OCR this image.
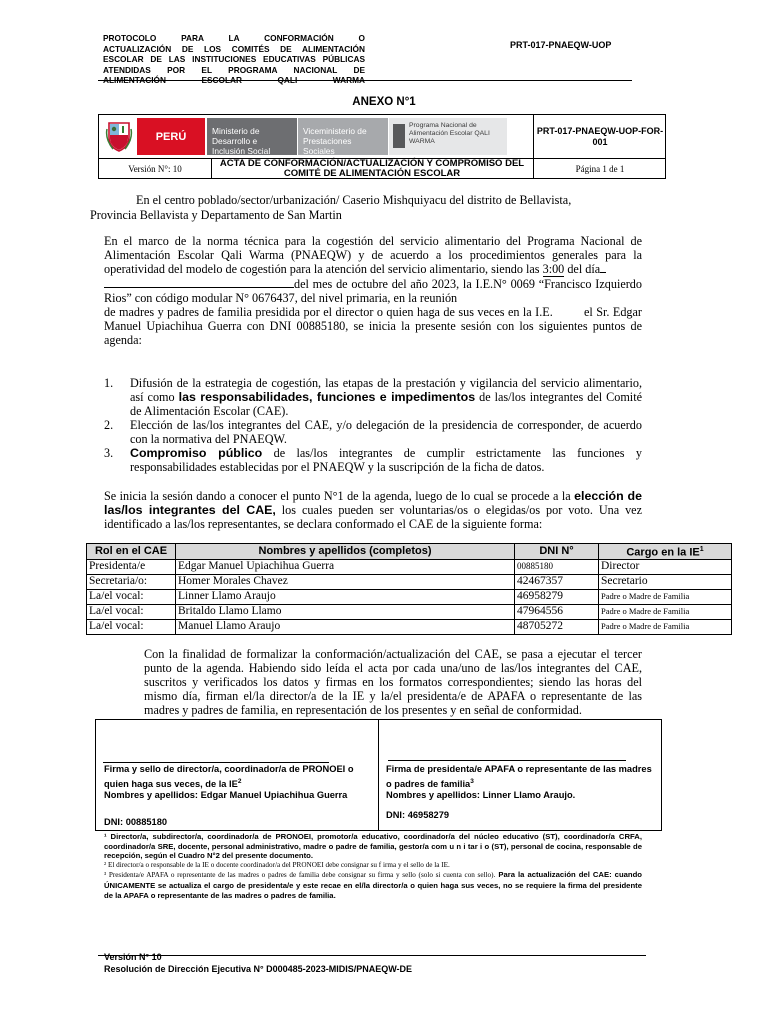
PROTOCOLO PARA LA CONFORMACIÓN O
ACTUALIZACIÓN DE LOS COMITÉS DE ALIMENTACIÓN
ESCOLAR DE LAS INSTITUCIONES EDUCATIVAS PÚBLICAS
ATENDIDAS POR EL PROGRAMA NACIONAL DE
ALIMENTACIÓN ESCOLAR QALI WARMA
PRT-017-PNAEQW-UOP
ANEXO N°1
PERÚ	Ministerio de Desarrollo e Inclusión Social
Viceministerio de Prestaciones Sociales
Programa Nacional de Alimentación Escolar QALI WARMA
PRT-017-PNAEQW-UOP-FOR-001
Versión N°: 10	ACTA DE CONFORMACIÓN/ACTUALIZACIÓN Y COMPROMISO DEL COMITÉ DE ALIMENTACIÓN ESCOLAR	Página 1 de 1
En el centro poblado/sector/urbanización/ Caserio Mishquiyacu del distrito de Bellavista,
Provincia Bellavista y Departamento de San Martin
En el marco de la norma técnica para la cogestión del servicio alimentario del Programa Nacional de Alimentación Escolar Qali Warma (PNAEQW) y de acuerdo a los procedimientos generales para la operatividad del modelo de cogestión para la atención del servicio alimentario, siendo las 3:00 del día
del mes de octubre del año 2023, la I.E.N° 0069 “Francisco Izquierdo Rios” con código modular N° 0676437, del nivel primaria, en la reunión
de madres y padres de familia presidida por el director o quien haga de sus veces en la I.E.	el Sr. Edgar Manuel Upiachihua Guerra con DNI 00885180, se inicia la presente sesión con los siguientes puntos de agenda:
1. Difusión de la estrategia de cogestión, las etapas de la prestación y vigilancia del servicio alimentario, así como las responsabilidades, funciones e impedimentos de las/los integrantes del Comité de Alimentación Escolar (CAE).
2. Elección de las/los integrantes del CAE, y/o delegación de la presidencia de corresponder, de acuerdo con la normativa del PNAEQW.
3. Compromiso público de las/los integrantes de cumplir estrictamente las funciones y responsabilidades establecidas por el PNAEQW y la suscripción de la ficha de datos.
Se inicia la sesión dando a conocer el punto N°1 de la agenda, luego de lo cual se procede a la elección de las/los integrantes del CAE, los cuales pueden ser voluntarias/os o elegidas/os por voto. Una vez identificado a las/los representantes, se declara conformado el CAE de la siguiente forma:
Rol en el CAE	Nombres y apellidos (completos)	DNI N°	Cargo en la $IE^1$
Presidenta/e	Edgar Manuel Upiachihua Guerra	00885180	Director
Secretaria/o:	Homer Morales Chavez	42467357	Secretario
La/el vocal:	Linner Llamo Araujo	46958279	Padre o Madre de Familia
La/el vocal:	Britaldo Llamo Llamo	47964556	Padre o Madre de Familia
La/el vocal:	Manuel Llamo Araujo	48705272	Padre o Madre de Familia
Con la finalidad de formalizar la conformación/actualización del CAE, se pasa a ejecutar el tercer punto de la agenda. Habiendo sido leída el acta por cada una/uno de las/los integrantes del CAE, suscritos y verificados los datos y firmas en los formatos correspondientes; siendo las horas del mismo día, firman el/la director/a de la IE y la/el presidenta/e de APAFA o representante de las madres y padres de familia, en representación de los presentes y en señal de conformidad.
Firma y sello de director/a, coordinador/a de PRONOEI o quien haga sus veces, de la $IE^2$
Nombres y apellidos: Edgar Manuel Upiachihua Guerra
DNI: 00885180
Firma de presidenta/e APAFA o representante de las madres o padres de familia$^3$
Nombres y apellidos: Linner Llamo Araujo.
DNI: 46958279

¹ Director/a, subdirector/a, coordinador/a de PRONOEI, promotor/a educativo, coordinador/a del núcleo educativo (ST), coordinador/a CRFA, coordinador/a SRE, docente, personal administrativo, madre o padre de familia, gestor/a com u n i tar i o (ST), personal de cocina, responsable de recepción, según el Cuadro N°2 del presente documento.

² El director/a o responsable de la IE o docente coordinador/a del PRONOEI debe consignar su f irma y el sello de la IE.

³ Presidenta/e APAFA o representante de las madres o padres de familia debe consignar su firma y sello (solo si cuenta con sello). Para la actualización del CAE: cuando ÚNICAMENTE se actualiza el cargo de presidenta/e y este recae en el/la director/a o quien haga sus veces, no se requiere la firma del presidente de la APAFA o representante de las madres o padres de familia.

Versión N° 10
Resolución de Dirección Ejecutiva N° D000485-2023-MIDIS/PNAEQW-DE
